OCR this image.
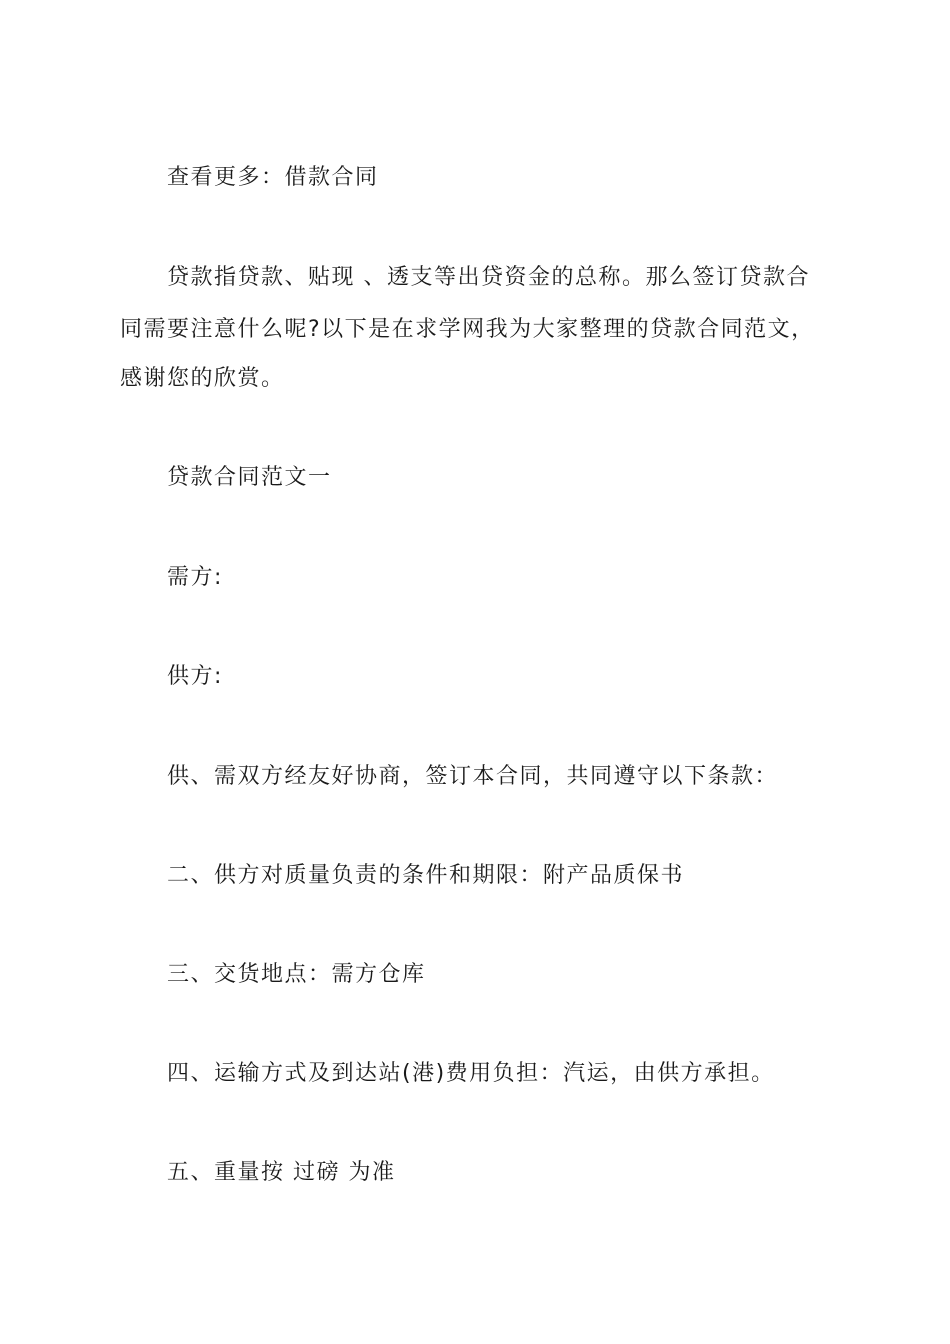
查看更多：借款合同
贷款指贷款、贴现 、透支等出贷资金的总称。那么签订贷款合
同需要注意什么呢?以下是在求学网我为大家整理的贷款合同范文，
感谢您的欣赏。
贷款合同范文一
需方:
供方:
供、需双方经友好协商，签订本合同，共同遵守以下条款：
二、供方对质量负责的条件和期限：附产品质保书
三、交货地点：需方仓库
四、运输方式及到达站(港)费用负担：汽运，由供方承担。
五、重量按 过磅 为准
